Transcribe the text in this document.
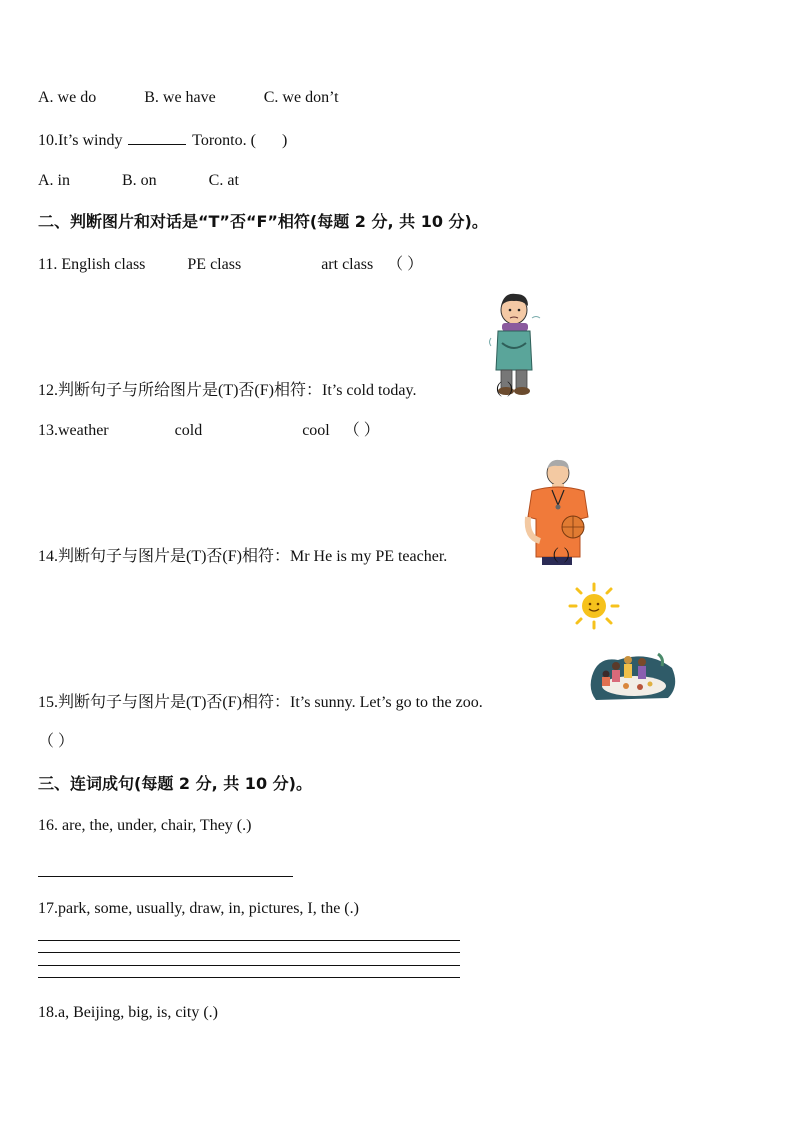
A. we do	B. we have	C. we don’t
10.It’s windy	Toronto. ( )
A. in	B. on	C. at
二、判断图片和对话是“T”否“F”相符(每题 2 分, 共 10 分)。
11. English class	PE class	art class （ ）
12.判断句子与所给图片是(T)否(F)相符：It’s cold today.	（ ）
13.weather	cold	cool （ ）
14.判断句子与图片是(T)否(F)相符：Mr He is my PE teacher.	（ ）
15.判断句子与图片是(T)否(F)相符：It’s sunny. Let’s go to the zoo.
（ ）
三、连词成句(每题 2 分, 共 10 分)。
16. are, the, under, chair, They (.)
17.park, some, usually, draw, in, pictures, I, the (.)
18.a, Beijing, big, is, city (.)
